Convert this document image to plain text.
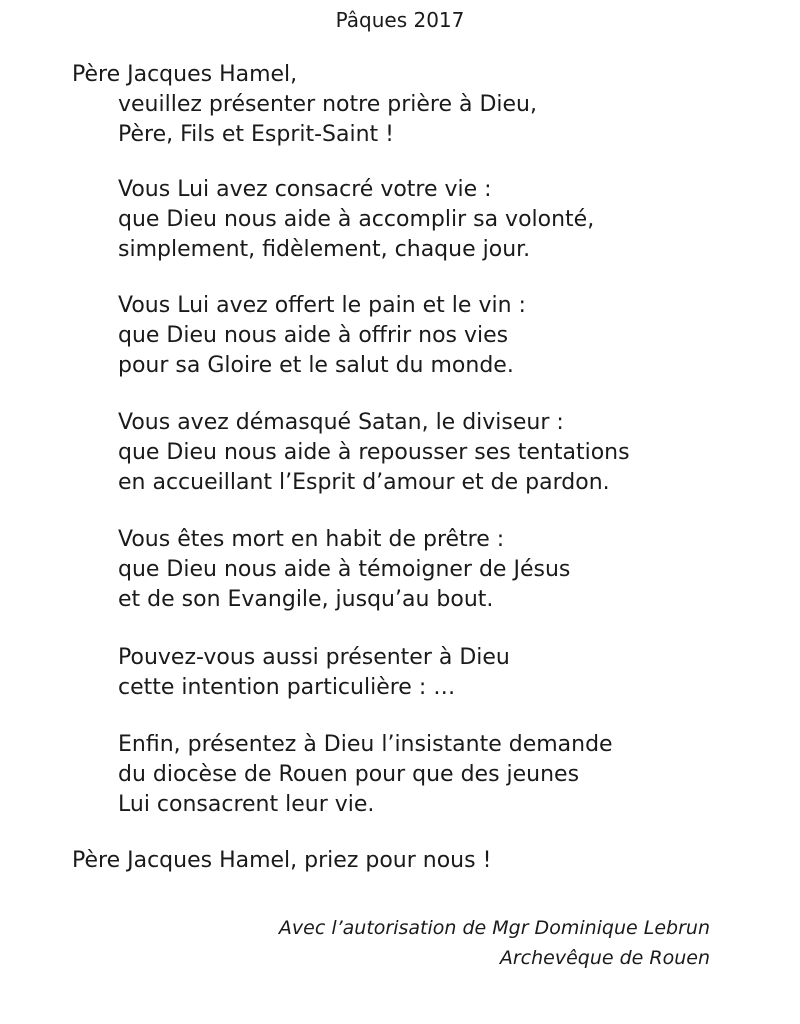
Pâques 2017
Père Jacques Hamel,
veuillez présenter notre prière à Dieu,
Père, Fils et Esprit-Saint !
Vous Lui avez consacré votre vie :
que Dieu nous aide à accomplir sa volonté,
simplement, fidèlement, chaque jour.
Vous Lui avez offert le pain et le vin :
que Dieu nous aide à offrir nos vies
pour sa Gloire et le salut du monde.
Vous avez démasqué Satan, le diviseur :
que Dieu nous aide à repousser ses tentations
en accueillant l’Esprit d’amour et de pardon.
Vous êtes mort en habit de prêtre :
que Dieu nous aide à témoigner de Jésus
et de son Evangile, jusqu’au bout.
Pouvez-vous aussi présenter à Dieu
cette intention particulière : …
Enfin, présentez à Dieu l’insistante demande
du diocèse de Rouen pour que des jeunes
Lui consacrent leur vie.
Père Jacques Hamel, priez pour nous !
Avec l’autorisation de Mgr Dominique Lebrun
Archevêque de Rouen
